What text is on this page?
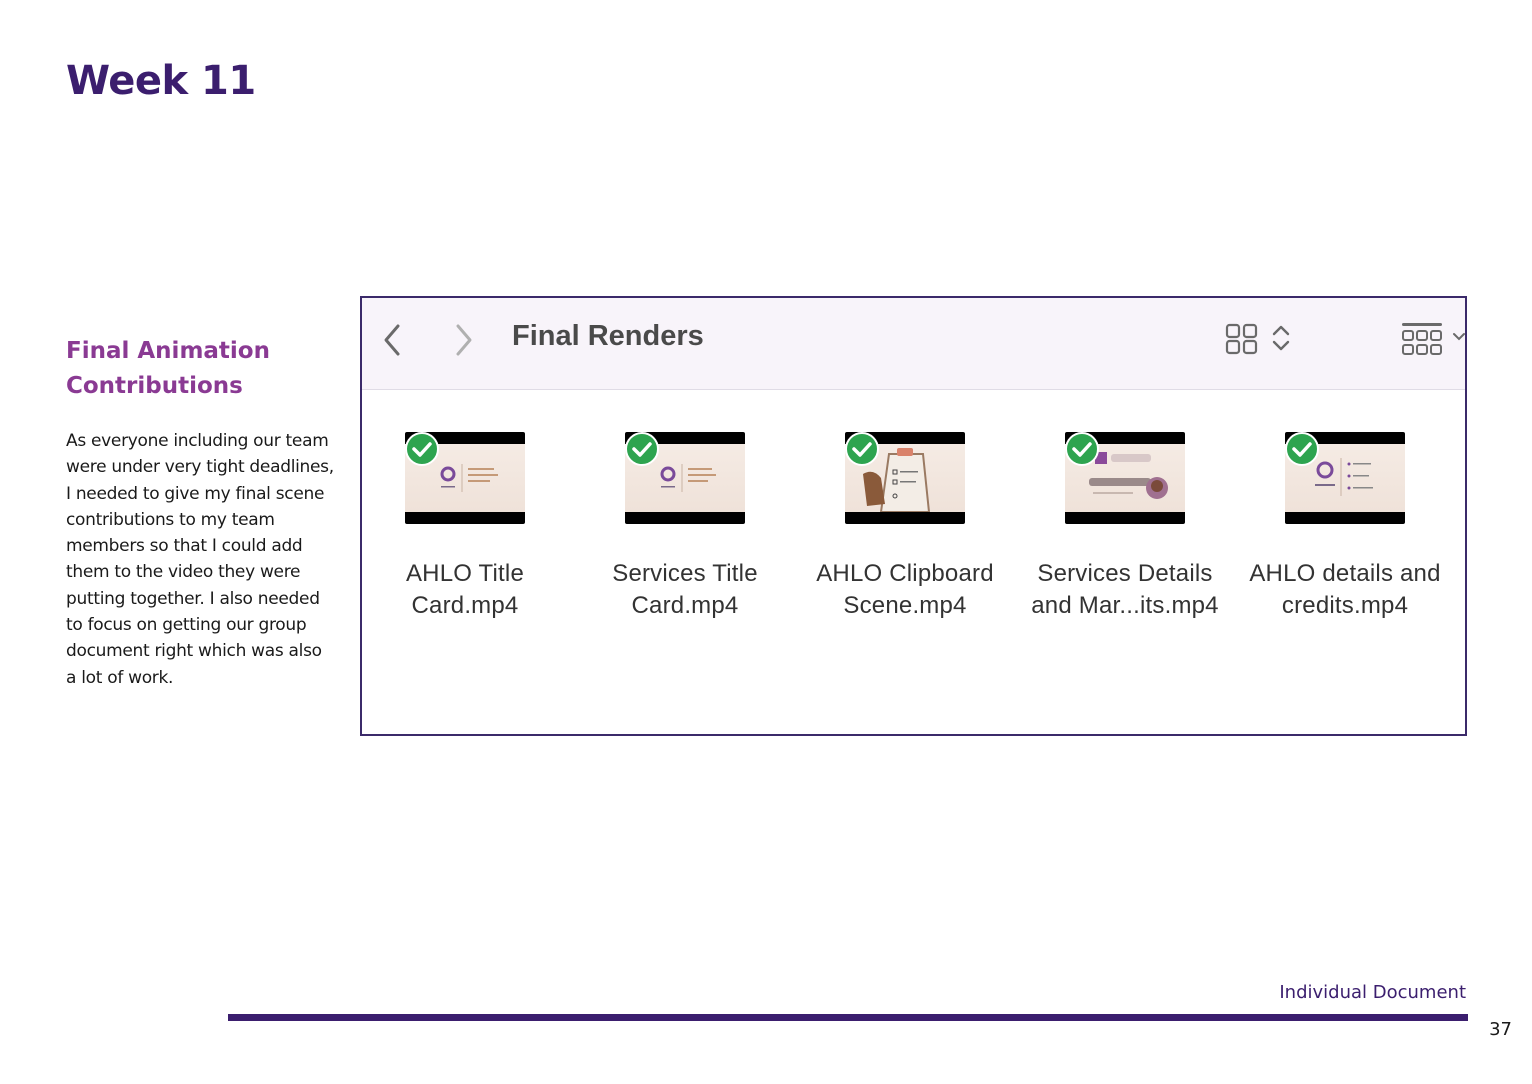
Week 11
Final Animation Contributions
As everyone including our team were under very tight deadlines, I needed to give my final scene contributions to my team members so that I could add them to the video they were putting together. I also needed to focus on getting our group document right which was also a lot of work.
Final Renders
AHLO Title Card.mp4
Services Title Card.mp4
AHLO Clipboard Scene.mp4
Services Details and Mar...its.mp4
AHLO details and credits.mp4
Individual Document
37
